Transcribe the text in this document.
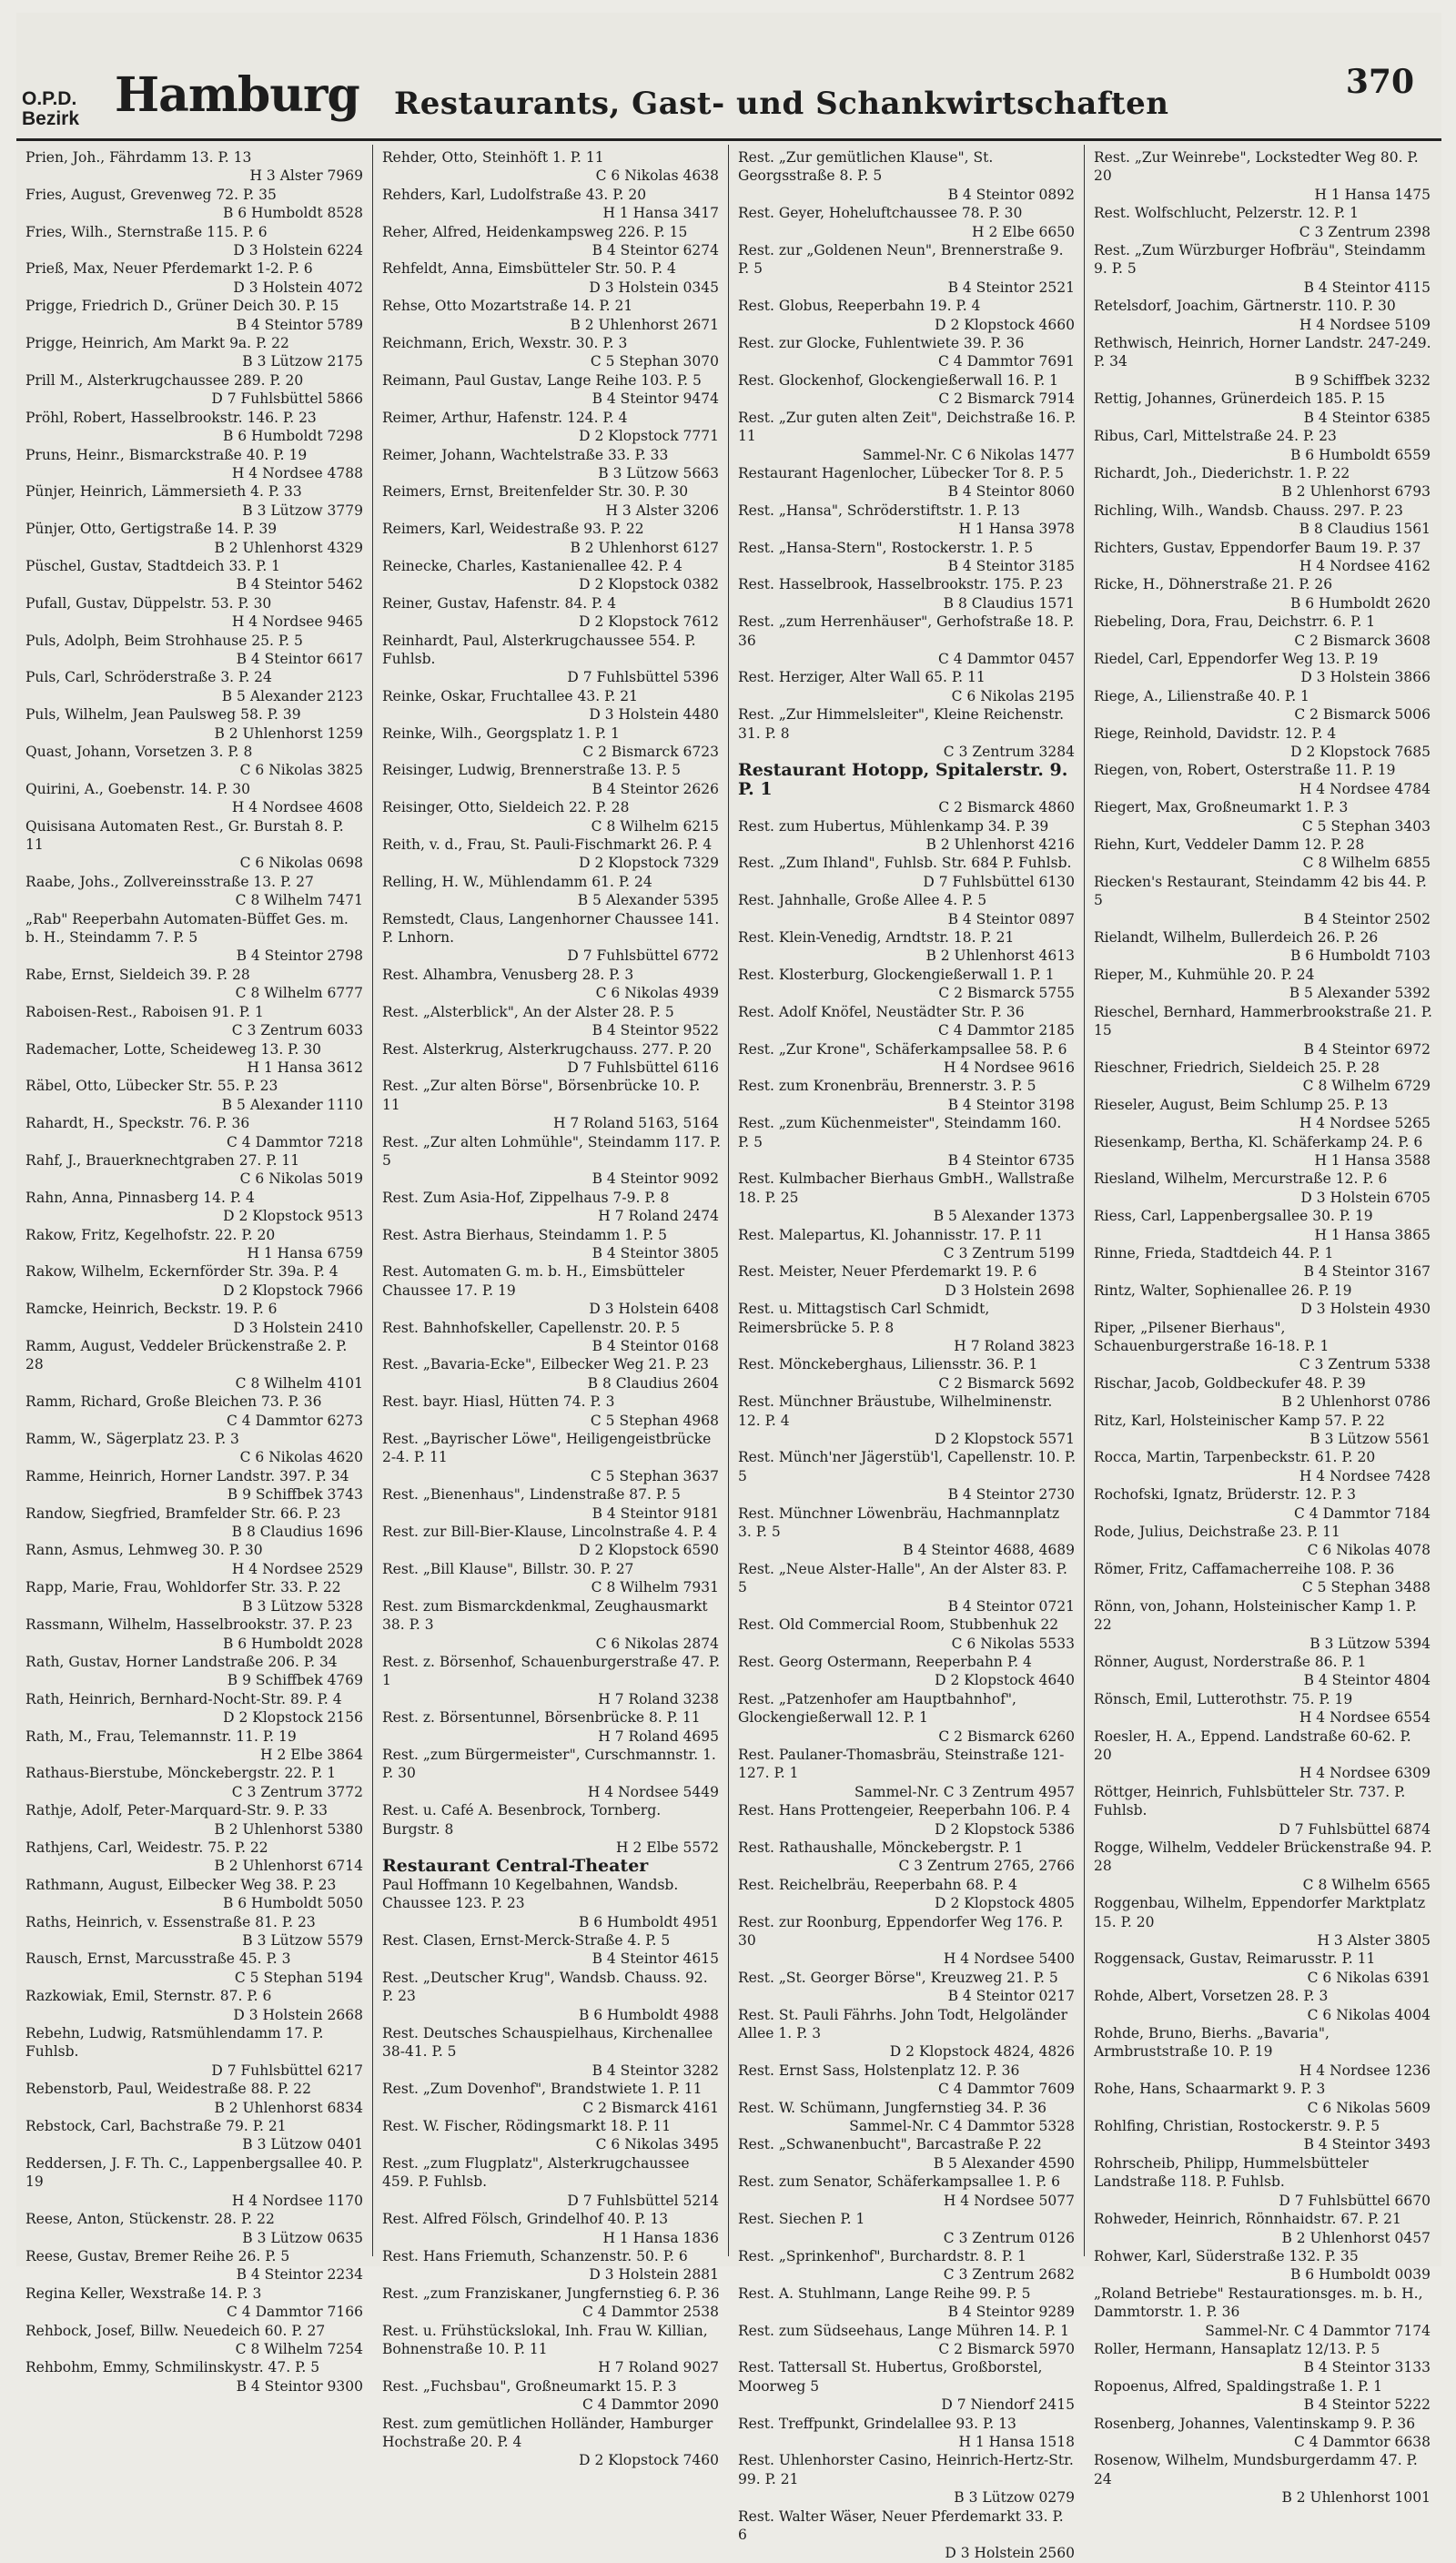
O.P.D.
Bezirk Hamburg Restaurants, Gast- und Schankwirtschaften
370
Prien, Joh., Fährdamm 13. P. 13
H 3 Alster 7969
Fries, August, Grevenweg 72. P. 35
B 6 Humboldt 8528
Fries, Wilh., Sternstraße 115. P. 6
D 3 Holstein 6224
Prieß, Max, Neuer Pferdemarkt 1-2. P. 6
D 3 Holstein 4072
Prigge, Friedrich D., Grüner Deich 30. P. 15
B 4 Steintor 5789
Prigge, Heinrich, Am Markt 9a. P. 22
B 3 Lützow 2175
Prill M., Alsterkrugchaussee 289. P. 20
D 7 Fuhlsbüttel 5866
Pröhl, Robert, Hasselbrookstr. 146. P. 23
B 6 Humboldt 7298
Pruns, Heinr., Bismarckstraße 40. P. 19
H 4 Nordsee 4788
Pünjer, Heinrich, Lämmersieth 4. P. 33
B 3 Lützow 3779
Pünjer, Otto, Gertigstraße 14. P. 39
B 2 Uhlenhorst 4329
Püschel, Gustav, Stadtdeich 33. P. 1
B 4 Steintor 5462
Pufall, Gustav, Düppelstr. 53. P. 30
H 4 Nordsee 9465
Puls, Adolph, Beim Strohhause 25. P. 5
B 4 Steintor 6617
Puls, Carl, Schröderstraße 3. P. 24
B 5 Alexander 2123
Puls, Wilhelm, Jean Paulsweg 58. P. 39
B 2 Uhlenhorst 1259
Quast, Johann, Vorsetzen 3. P. 8
C 6 Nikolas 3825
Quirini, A., Goebenstr. 14. P. 30
H 4 Nordsee 4608
Quisisana Automaten Rest., Gr. Burstah 8. P. 11
C 6 Nikolas 0698
Raabe, Johs., Zollvereinsstraße 13. P. 27
C 8 Wilhelm 7471
„Rab" Reeperbahn Automaten-Büffet Ges. m. b. H., Steindamm 7. P. 5
B 4 Steintor 2798
Rabe, Ernst, Sieldeich 39. P. 28
C 8 Wilhelm 6777
Raboisen-Rest., Raboisen 91. P. 1
C 3 Zentrum 6033
Rademacher, Lotte, Scheideweg 13. P. 30
H 1 Hansa 3612
Räbel, Otto, Lübecker Str. 55. P. 23
B 5 Alexander 1110
Rahardt, H., Speckstr. 76. P. 36
C 4 Dammtor 7218
Rahf, J., Brauerknechtgraben 27. P. 11
C 6 Nikolas 5019
Rahn, Anna, Pinnasberg 14. P. 4
D 2 Klopstock 9513
Rakow, Fritz, Kegelhofstr. 22. P. 20
H 1 Hansa 6759
Rakow, Wilhelm, Eckernförder Str. 39a. P. 4
D 2 Klopstock 7966
Ramcke, Heinrich, Beckstr. 19. P. 6
D 3 Holstein 2410
Ramm, August, Veddeler Brückenstraße 2. P. 28
C 8 Wilhelm 4101
Ramm, Richard, Große Bleichen 73. P. 36
C 4 Dammtor 6273
Ramm, W., Sägerplatz 23. P. 3
C 6 Nikolas 4620
Ramme, Heinrich, Horner Landstr. 397. P. 34
B 9 Schiffbek 3743
Randow, Siegfried, Bramfelder Str. 66. P. 23
B 8 Claudius 1696
Rann, Asmus, Lehmweg 30. P. 30
H 4 Nordsee 2529
Rapp, Marie, Frau, Wohldorfer Str. 33. P. 22
B 3 Lützow 5328
Rassmann, Wilhelm, Hasselbrookstr. 37. P. 23
B 6 Humboldt 2028
Rath, Gustav, Horner Landstraße 206. P. 34
B 9 Schiffbek 4769
Rath, Heinrich, Bernhard-Nocht-Str. 89. P. 4
D 2 Klopstock 2156
Rath, M., Frau, Telemannstr. 11. P. 19
H 2 Elbe 3864
Rathaus-Bierstube, Mönckebergstr. 22. P. 1
C 3 Zentrum 3772
Rathje, Adolf, Peter-Marquard-Str. 9. P. 33
B 2 Uhlenhorst 5380
Rathjens, Carl, Weidestr. 75. P. 22
B 2 Uhlenhorst 6714
Rathmann, August, Eilbecker Weg 38. P. 23
B 6 Humboldt 5050
Raths, Heinrich, v. Essenstraße 81. P. 23
B 3 Lützow 5579
Rausch, Ernst, Marcusstraße 45. P. 3
C 5 Stephan 5194
Razkowiak, Emil, Sternstr. 87. P. 6
D 3 Holstein 2668
Rebehn, Ludwig, Ratsmühlendamm 17. P. Fuhlsb.
D 7 Fuhlsbüttel 6217
Rebenstorb, Paul, Weidestraße 88. P. 22
B 2 Uhlenhorst 6834
Rebstock, Carl, Bachstraße 79. P. 21
B 3 Lützow 0401
Reddersen, J. F. Th. C., Lappenbergsallee 40. P. 19
H 4 Nordsee 1170
Reese, Anton, Stückenstr. 28. P. 22
B 3 Lützow 0635
Reese, Gustav, Bremer Reihe 26. P. 5
B 4 Steintor 2234
Regina Keller, Wexstraße 14. P. 3
C 4 Dammtor 7166
Rehbock, Josef, Billw. Neuedeich 60. P. 27
C 8 Wilhelm 7254
Rehbohm, Emmy, Schmilinskystr. 47. P. 5
B 4 Steintor 9300
Rehder, Otto, Steinhöft 1. P. 11
C 6 Nikolas 4638
Rehders, Karl, Ludolfstraße 43. P. 20
H 1 Hansa 3417
Reher, Alfred, Heidenkampsweg 226. P. 15
B 4 Steintor 6274
Rehfeldt, Anna, Eimsbütteler Str. 50. P. 4
D 3 Holstein 0345
Rehse, Otto Mozartstraße 14. P. 21
B 2 Uhlenhorst 2671
Reichmann, Erich, Wexstr. 30. P. 3
C 5 Stephan 3070
Reimann, Paul Gustav, Lange Reihe 103. P. 5
B 4 Steintor 9474
Reimer, Arthur, Hafenstr. 124. P. 4
D 2 Klopstock 7771
Reimer, Johann, Wachtelstraße 33. P. 33
B 3 Lützow 5663
Reimers, Ernst, Breitenfelder Str. 30. P. 30
H 3 Alster 3206
Reimers, Karl, Weidestraße 93. P. 22
B 2 Uhlenhorst 6127
Reinecke, Charles, Kastanienallee 42. P. 4
D 2 Klopstock 0382
Reiner, Gustav, Hafenstr. 84. P. 4
D 2 Klopstock 7612
Reinhardt, Paul, Alsterkrugchaussee 554. P. Fuhlsb.
D 7 Fuhlsbüttel 5396
Reinke, Oskar, Fruchtallee 43. P. 21
D 3 Holstein 4480
Reinke, Wilh., Georgsplatz 1. P. 1
C 2 Bismarck 6723
Reisinger, Ludwig, Brennerstraße 13. P. 5
B 4 Steintor 2626
Reisinger, Otto, Sieldeich 22. P. 28
C 8 Wilhelm 6215
Reith, v. d., Frau, St. Pauli-Fischmarkt 26. P. 4
D 2 Klopstock 7329
Relling, H. W., Mühlendamm 61. P. 24
B 5 Alexander 5395
Remstedt, Claus, Langenhorner Chaussee 141. P. Lnhorn.
D 7 Fuhlsbüttel 6772
Rest. Alhambra, Venusberg 28. P. 3
C 6 Nikolas 4939
Rest. „Alsterblick", An der Alster 28. P. 5
B 4 Steintor 9522
Rest. Alsterkrug, Alsterkrugchauss. 277. P. 20
D 7 Fuhlsbüttel 6116
Rest. „Zur alten Börse", Börsenbrücke 10. P. 11
H 7 Roland 5163, 5164
Rest. „Zur alten Lohmühle", Steindamm 117. P. 5
B 4 Steintor 9092
Rest. Zum Asia-Hof, Zippelhaus 7-9. P. 8
H 7 Roland 2474
Rest. Astra Bierhaus, Steindamm 1. P. 5
B 4 Steintor 3805
Rest. Automaten G. m. b. H., Eimsbütteler Chaussee 17. P. 19
D 3 Holstein 6408
Rest. Bahnhofskeller, Capellenstr. 20. P. 5
B 4 Steintor 0168
Rest. „Bavaria-Ecke", Eilbecker Weg 21. P. 23
B 8 Claudius 2604
Rest. bayr. Hiasl, Hütten 74. P. 3
C 5 Stephan 4968
Rest. „Bayrischer Löwe", Heiligengeistbrücke 2-4. P. 11
C 5 Stephan 3637
Rest. „Bienenhaus", Lindenstraße 87. P. 5
B 4 Steintor 9181
Rest. zur Bill-Bier-Klause, Lincolnstraße 4. P. 4
D 2 Klopstock 6590
Rest. „Bill Klause", Billstr. 30. P. 27
C 8 Wilhelm 7931
Rest. zum Bismarckdenkmal, Zeughausmarkt 38. P. 3
C 6 Nikolas 2874
Rest. z. Börsenhof, Schauenburgerstraße 47. P. 1
H 7 Roland 3238
Rest. z. Börsentunnel, Börsenbrücke 8. P. 11
H 7 Roland 4695
Rest. „zum Bürgermeister", Curschmannstr. 1. P. 30
H 4 Nordsee 5449
Rest. u. Café A. Besenbrock, Tornberg. Burgstr. 8
H 2 Elbe 5572
Restaurant Central-Theater
Paul Hoffmann 10 Kegelbahnen, Wandsb. Chaussee 123. P. 23
B 6 Humboldt 4951
Rest. Clasen, Ernst-Merck-Straße 4. P. 5
B 4 Steintor 4615
Rest. „Deutscher Krug", Wandsb. Chauss. 92. P. 23
B 6 Humboldt 4988
Rest. Deutsches Schauspielhaus, Kirchenallee 38-41. P. 5
B 4 Steintor 3282
Rest. „Zum Dovenhof", Brandstwiete 1. P. 11
C 2 Bismarck 4161
Rest. W. Fischer, Rödingsmarkt 18. P. 11
C 6 Nikolas 3495
Rest. „zum Flugplatz", Alsterkrugchaussee 459. P. Fuhlsb.
D 7 Fuhlsbüttel 5214
Rest. Alfred Fölsch, Grindelhof 40. P. 13
H 1 Hansa 1836
Rest. Hans Friemuth, Schanzenstr. 50. P. 6
D 3 Holstein 2881
Rest. „zum Franziskaner, Jungfernstieg 6. P. 36
C 4 Dammtor 2538
Rest. u. Frühstückslokal, Inh. Frau W. Killian, Bohnenstraße 10. P. 11
H 7 Roland 9027
Rest. „Fuchsbau", Großneumarkt 15. P. 3
C 4 Dammtor 2090
Rest. zum gemütlichen Holländer, Hamburger Hochstraße 20. P. 4
D 2 Klopstock 7460
Rest. „Zur gemütlichen Klause", St. Georgsstraße 8. P. 5
B 4 Steintor 0892
Rest. Geyer, Hoheluftchaussee 78. P. 30
H 2 Elbe 6650
Rest. zur „Goldenen Neun", Brennerstraße 9. P. 5
B 4 Steintor 2521
Rest. Globus, Reeperbahn 19. P. 4
D 2 Klopstock 4660
Rest. zur Glocke, Fuhlentwiete 39. P. 36
C 4 Dammtor 7691
Rest. Glockenhof, Glockengießerwall 16. P. 1
C 2 Bismarck 7914
Rest. „Zur guten alten Zeit", Deichstraße 16. P. 11
Sammel-Nr. C 6 Nikolas 1477
Restaurant Hagenlocher, Lübecker Tor 8. P. 5
B 4 Steintor 8060
Rest. „Hansa", Schröderstiftstr. 1. P. 13
H 1 Hansa 3978
Rest. „Hansa-Stern", Rostockerstr. 1. P. 5
B 4 Steintor 3185
Rest. Hasselbrook, Hasselbrookstr. 175. P. 23
B 8 Claudius 1571
Rest. „zum Herrenhäuser", Gerhofstraße 18. P. 36
C 4 Dammtor 0457
Rest. Herziger, Alter Wall 65. P. 11
C 6 Nikolas 2195
Rest. „Zur Himmelsleiter", Kleine Reichenstr. 31. P. 8
C 3 Zentrum 3284
Restaurant Hotopp, Spitalerstr. 9. P. 1
C 2 Bismarck 4860
Rest. zum Hubertus, Mühlenkamp 34. P. 39
B 2 Uhlenhorst 4216
Rest. „Zum Ihland", Fuhlsb. Str. 684 P. Fuhlsb.
D 7 Fuhlsbüttel 6130
Rest. Jahnhalle, Große Allee 4. P. 5
B 4 Steintor 0897
Rest. Klein-Venedig, Arndtstr. 18. P. 21
B 2 Uhlenhorst 4613
Rest. Klosterburg, Glockengießerwall 1. P. 1
C 2 Bismarck 5755
Rest. Adolf Knöfel, Neustädter Str. P. 36
C 4 Dammtor 2185
Rest. „Zur Krone", Schäferkampsallee 58. P. 6
H 4 Nordsee 9616
Rest. zum Kronenbräu, Brennerstr. 3. P. 5
B 4 Steintor 3198
Rest. „zum Küchenmeister", Steindamm 160. P. 5
B 4 Steintor 6735
Rest. Kulmbacher Bierhaus GmbH., Wallstraße 18. P. 25
B 5 Alexander 1373
Rest. Malepartus, Kl. Johannisstr. 17. P. 11
C 3 Zentrum 5199
Rest. Meister, Neuer Pferdemarkt 19. P. 6
D 3 Holstein 2698
Rest. u. Mittagstisch Carl Schmidt, Reimersbrücke 5. P. 8
H 7 Roland 3823
Rest. Mönckeberghaus, Liliensstr. 36. P. 1
C 2 Bismarck 5692
Rest. Münchner Bräustube, Wilhelminenstr. 12. P. 4
D 2 Klopstock 5571
Rest. Münch'ner Jägerstüb'l, Capellenstr. 10. P. 5
B 4 Steintor 2730
Rest. Münchner Löwenbräu, Hachmannplatz 3. P. 5
B 4 Steintor 4688, 4689
Rest. „Neue Alster-Halle", An der Alster 83. P. 5
B 4 Steintor 0721
Rest. Old Commercial Room, Stubbenhuk 22
C 6 Nikolas 5533
Rest. Georg Ostermann, Reeperbahn P. 4
D 2 Klopstock 4640
Rest. „Patzenhofer am Hauptbahnhof", Glockengießerwall 12. P. 1
C 2 Bismarck 6260
Rest. Paulaner-Thomasbräu, Steinstraße 121-127. P. 1
Sammel-Nr. C 3 Zentrum 4957
Rest. Hans Prottengeier, Reeperbahn 106. P. 4
D 2 Klopstock 5386
Rest. Rathaushalle, Mönckebergstr. P. 1
C 3 Zentrum 2765, 2766
Rest. Reichelbräu, Reeperbahn 68. P. 4
D 2 Klopstock 4805
Rest. zur Roonburg, Eppendorfer Weg 176. P. 30
H 4 Nordsee 5400
Rest. „St. Georger Börse", Kreuzweg 21. P. 5
B 4 Steintor 0217
Rest. St. Pauli Fährhs. John Todt, Helgoländer Allee 1. P. 3
D 2 Klopstock 4824, 4826
Rest. Ernst Sass, Holstenplatz 12. P. 36
C 4 Dammtor 7609
Rest. W. Schümann, Jungfernstieg 34. P. 36
Sammel-Nr. C 4 Dammtor 5328
Rest. „Schwanenbucht", Barcastraße P. 22
B 5 Alexander 4590
Rest. zum Senator, Schäferkampsallee 1. P. 6
H 4 Nordsee 5077
Rest. Siechen P. 1
C 3 Zentrum 0126
Rest. „Sprinkenhof", Burchardstr. 8. P. 1
C 3 Zentrum 2682
Rest. A. Stuhlmann, Lange Reihe 99. P. 5
B 4 Steintor 9289
Rest. zum Südseehaus, Lange Mühren 14. P. 1
C 2 Bismarck 5970
Rest. Tattersall St. Hubertus, Großborstel, Moorweg 5
D 7 Niendorf 2415
Rest. Treffpunkt, Grindelallee 93. P. 13
H 1 Hansa 1518
Rest. Uhlenhorster Casino, Heinrich-Hertz-Str. 99. P. 21
B 3 Lützow 0279
Rest. Walter Wäser, Neuer Pferdemarkt 33. P. 6
D 3 Holstein 2560
Rest. „Zur Weinrebe", Lockstedter Weg 80. P. 20
H 1 Hansa 1475
Rest. Wolfschlucht, Pelzerstr. 12. P. 1
C 3 Zentrum 2398
Rest. „Zum Würzburger Hofbräu", Steindamm 9. P. 5
B 4 Steintor 4115
Retelsdorf, Joachim, Gärtnerstr. 110. P. 30
H 4 Nordsee 5109
Rethwisch, Heinrich, Horner Landstr. 247-249. P. 34
B 9 Schiffbek 3232
Rettig, Johannes, Grünerdeich 185. P. 15
B 4 Steintor 6385
Ribus, Carl, Mittelstraße 24. P. 23
B 6 Humboldt 6559
Richardt, Joh., Diederichstr. 1. P. 22
B 2 Uhlenhorst 6793
Richling, Wilh., Wandsb. Chauss. 297. P. 23
B 8 Claudius 1561
Richters, Gustav, Eppendorfer Baum 19. P. 37
H 4 Nordsee 4162
Ricke, H., Döhnerstraße 21. P. 26
B 6 Humboldt 2620
Riebeling, Dora, Frau, Deichstrr. 6. P. 1
C 2 Bismarck 3608
Riedel, Carl, Eppendorfer Weg 13. P. 19
D 3 Holstein 3866
Riege, A., Lilienstraße 40. P. 1
C 2 Bismarck 5006
Riege, Reinhold, Davidstr. 12. P. 4
D 2 Klopstock 7685
Riegen, von, Robert, Osterstraße 11. P. 19
H 4 Nordsee 4784
Riegert, Max, Großneumarkt 1. P. 3
C 5 Stephan 3403
Riehn, Kurt, Veddeler Damm 12. P. 28
C 8 Wilhelm 6855
Riecken's Restaurant, Steindamm 42 bis 44. P. 5
B 4 Steintor 2502
Rielandt, Wilhelm, Bullerdeich 26. P. 26
B 6 Humboldt 7103
Rieper, M., Kuhmühle 20. P. 24
B 5 Alexander 5392
Rieschel, Bernhard, Hammerbrookstraße 21. P. 15
B 4 Steintor 6972
Rieschner, Friedrich, Sieldeich 25. P. 28
C 8 Wilhelm 6729
Rieseler, August, Beim Schlump 25. P. 13
H 4 Nordsee 5265
Riesenkamp, Bertha, Kl. Schäferkamp 24. P. 6
H 1 Hansa 3588
Riesland, Wilhelm, Mercurstraße 12. P. 6
D 3 Holstein 6705
Riess, Carl, Lappenbergsallee 30. P. 19
H 1 Hansa 3865
Rinne, Frieda, Stadtdeich 44. P. 1
B 4 Steintor 3167
Rintz, Walter, Sophienallee 26. P. 19
D 3 Holstein 4930
Riper, „Pilsener Bierhaus", Schauenburgerstraße 16-18. P. 1
C 3 Zentrum 5338
Rischar, Jacob, Goldbeckufer 48. P. 39
B 2 Uhlenhorst 0786
Ritz, Karl, Holsteinischer Kamp 57. P. 22
B 3 Lützow 5561
Rocca, Martin, Tarpenbeckstr. 61. P. 20
H 4 Nordsee 7428
Rochofski, Ignatz, Brüderstr. 12. P. 3
C 4 Dammtor 7184
Rode, Julius, Deichstraße 23. P. 11
C 6 Nikolas 4078
Römer, Fritz, Caffamacherreihe 108. P. 36
C 5 Stephan 3488
Rönn, von, Johann, Holsteinischer Kamp 1. P. 22
B 3 Lützow 5394
Rönner, August, Norderstraße 86. P. 1
B 4 Steintor 4804
Rönsch, Emil, Lutterothstr. 75. P. 19
H 4 Nordsee 6554
Roesler, H. A., Eppend. Landstraße 60-62. P. 20
H 4 Nordsee 6309
Röttger, Heinrich, Fuhlsbütteler Str. 737. P. Fuhlsb.
D 7 Fuhlsbüttel 6874
Rogge, Wilhelm, Veddeler Brückenstraße 94. P. 28
C 8 Wilhelm 6565
Roggenbau, Wilhelm, Eppendorfer Marktplatz 15. P. 20
H 3 Alster 3805
Roggensack, Gustav, Reimarusstr. P. 11
C 6 Nikolas 6391
Rohde, Albert, Vorsetzen 28. P. 3
C 6 Nikolas 4004
Rohde, Bruno, Bierhs. „Bavaria", Armbruststraße 10. P. 19
H 4 Nordsee 1236
Rohe, Hans, Schaarmarkt 9. P. 3
C 6 Nikolas 5609
Rohlfing, Christian, Rostockerstr. 9. P. 5
B 4 Steintor 3493
Rohrscheib, Philipp, Hummelsbütteler Landstraße 118. P. Fuhlsb.
D 7 Fuhlsbüttel 6670
Rohweder, Heinrich, Rönnhaidstr. 67. P. 21
B 2 Uhlenhorst 0457
Rohwer, Karl, Süderstraße 132. P. 35
B 6 Humboldt 0039
„Roland Betriebe" Restaurationsges. m. b. H., Dammtorstr. 1. P. 36
Sammel-Nr. C 4 Dammtor 7174
Roller, Hermann, Hansaplatz 12/13. P. 5
B 4 Steintor 3133
Ropoenus, Alfred, Spaldingstraße 1. P. 1
B 4 Steintor 5222
Rosenberg, Johannes, Valentinskamp 9. P. 36
C 4 Dammtor 6638
Rosenow, Wilhelm, Mundsburgerdamm 47. P. 24
B 2 Uhlenhorst 1001
